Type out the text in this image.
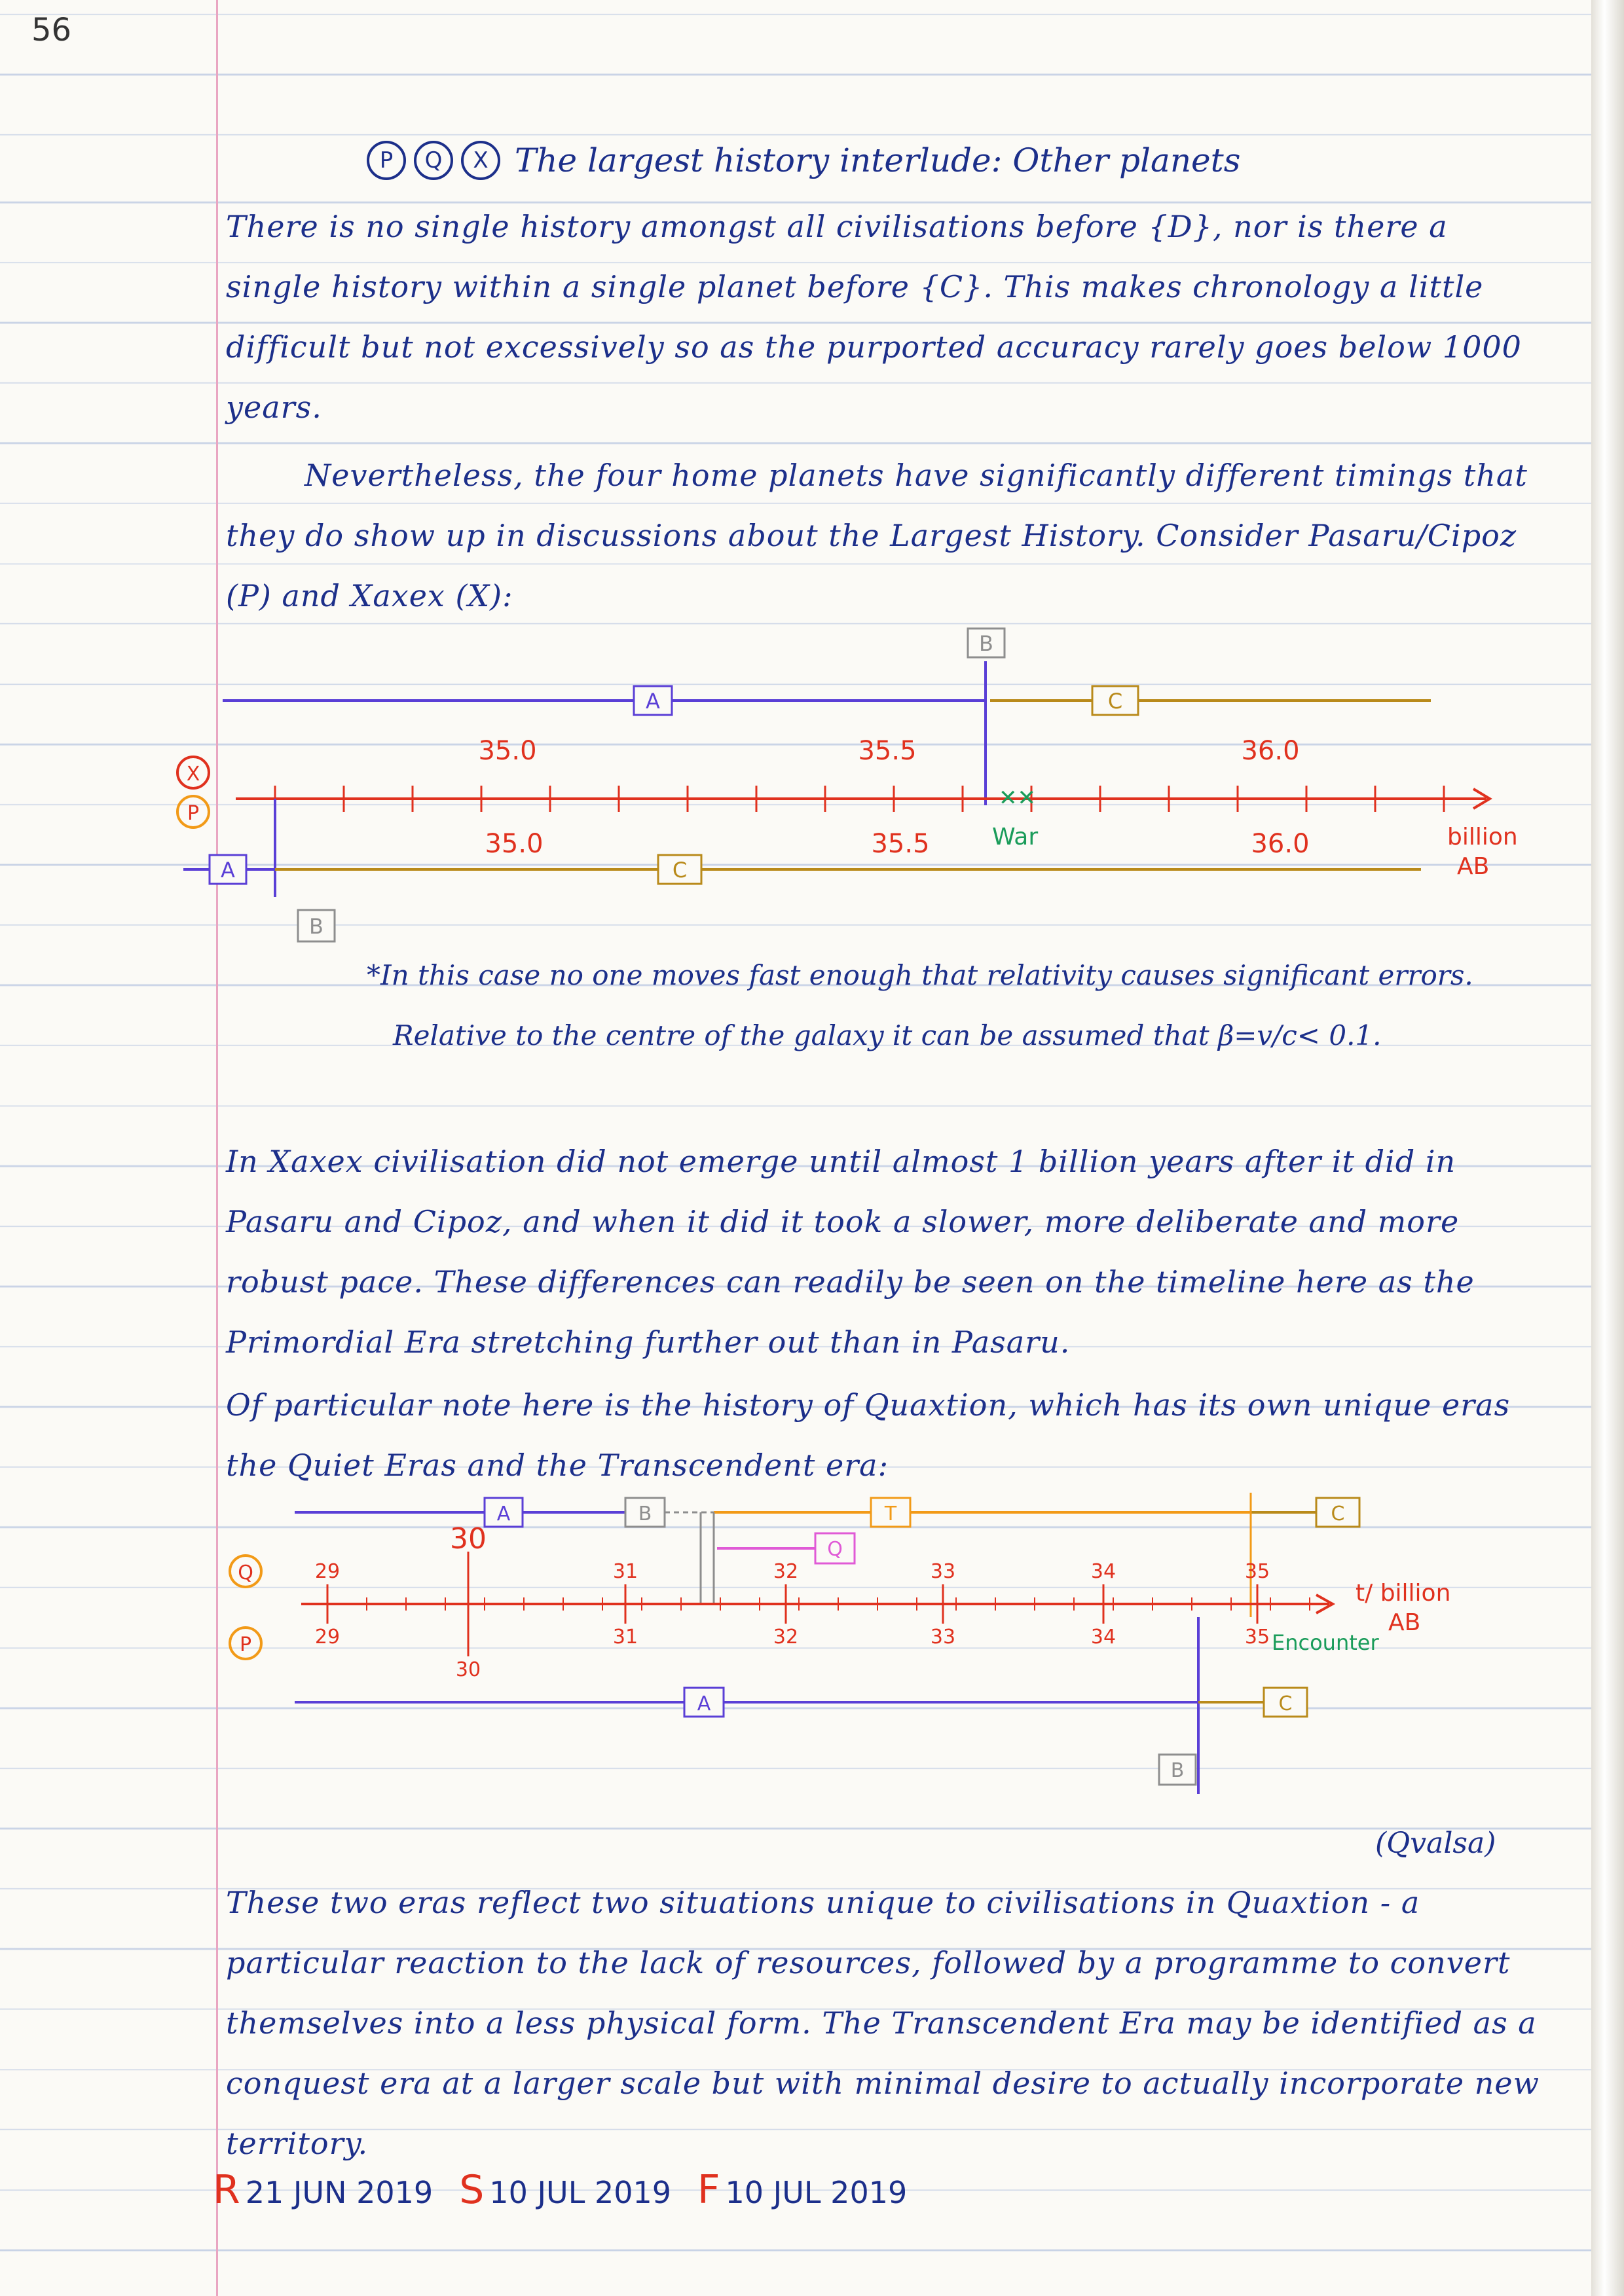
56
P	Q	X The largest history interlude: Other planets

There is no single history amongst all civilisations before {D}, nor is there a single history within a single planet before {C}. This makes chronology a little difficult but not excessively so as the purported accuracy rarely goes below 1000 years.

Nevertheless, the four home planets have significantly different timings that they do show up in discussions about the Largest History. Consider Pasaru/Cipoz (P) and Xaxex (X):

A
B
C
X
P
35.0	35.5	36.0
35.0	35.5	36.0	billion
AB
✕✕
War
A	C
B

*In this case no one moves fast enough that relativity causes significant errors.

Relative to the centre of the galaxy it can be assumed that β=v/c< 0.1.

In Xaxex civilisation did not emerge until almost 1 billion years after it did in Pasaru and Cipoz, and when it did it took a slower, more deliberate and more robust pace. These differences can readily be seen on the timeline here as the Primordial Era stretching further out than in Pasaru.

Of particular note here is the history of Quaxtion, which has its own unique eras the Quiet Eras and the Transcendent era:

A	B	T	C
Q
Q
P
29
29
30
30
31
31
32
32
33
33
34
34
35
35
t/ billion
AB
Encounter
A	C
B
(Qvalsa)

These two eras reflect two situations unique to civilisations in Quaxtion - a particular reaction to the lack of resources, followed by a programme to convert themselves into a less physical form. The Transcendent Era may be identified as a conquest era at a larger scale but with minimal desire to actually incorporate new territory.

R 21 JUN 2019 S 10 JUL 2019 F 10 JUL 2019
